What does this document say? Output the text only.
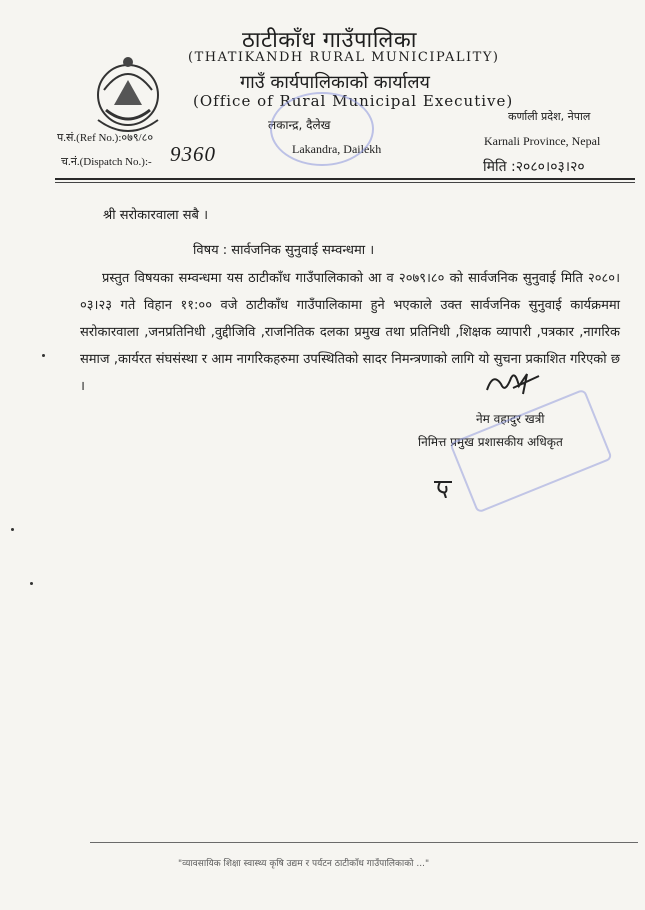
ठाटीकाँध गाउँपालिका
(THATIKANDH RURAL MUNICIPALITY)
गाउँ कार्यपालिकाको कार्यालय
(Office of Rural Municipal Executive)
लकान्द्र, दैलेख
Lakandra, Dailekh
कर्णाली प्रदेश, नेपाल
Karnali Province, Nepal
प.सं.(Ref No.):०७९/८०
च.नं.(Dispatch No.):- 9360
मिति :२०८०।०३।२०
श्री सरोकारवाला सबै ।
विषय : सार्वजनिक सुनुवाई सम्वन्धमा ।
प्रस्तुत विषयका सम्वन्धमा यस ठाटीकाँध गाउँपालिकाको आ व २०७९।८० को सार्वजनिक सुनुवाई मिति २०८०।०३।२३ गते विहान ११:०० वजे ठाटीकाँध गाउँपालिकामा हुने भएकाले उक्त सार्वजनिक सुनुवाई कार्यक्रममा सरोकारवाला ,जनप्रतिनिधी ,वुद्दीजिवि ,राजनितिक दलका प्रमुख तथा प्रतिनिधी ,शिक्षक व्यापारी ,पत्रकार ,नागरिक समाज ,कार्यरत संघसंस्था र आम नागरिकहरुमा उपस्थितिको सादर निमन्त्रणाको लागि यो सुचना प्रकाशित गरिएको छ ।
नेम वहादुर खत्री
निमित्त प्रमुख प्रशासकीय अधिकृत
"व्यावसायिक शिक्षा स्वास्थ्य कृषि उद्यम र पर्यटन ठाटीकाँध गाउँपालिकाको ..."
